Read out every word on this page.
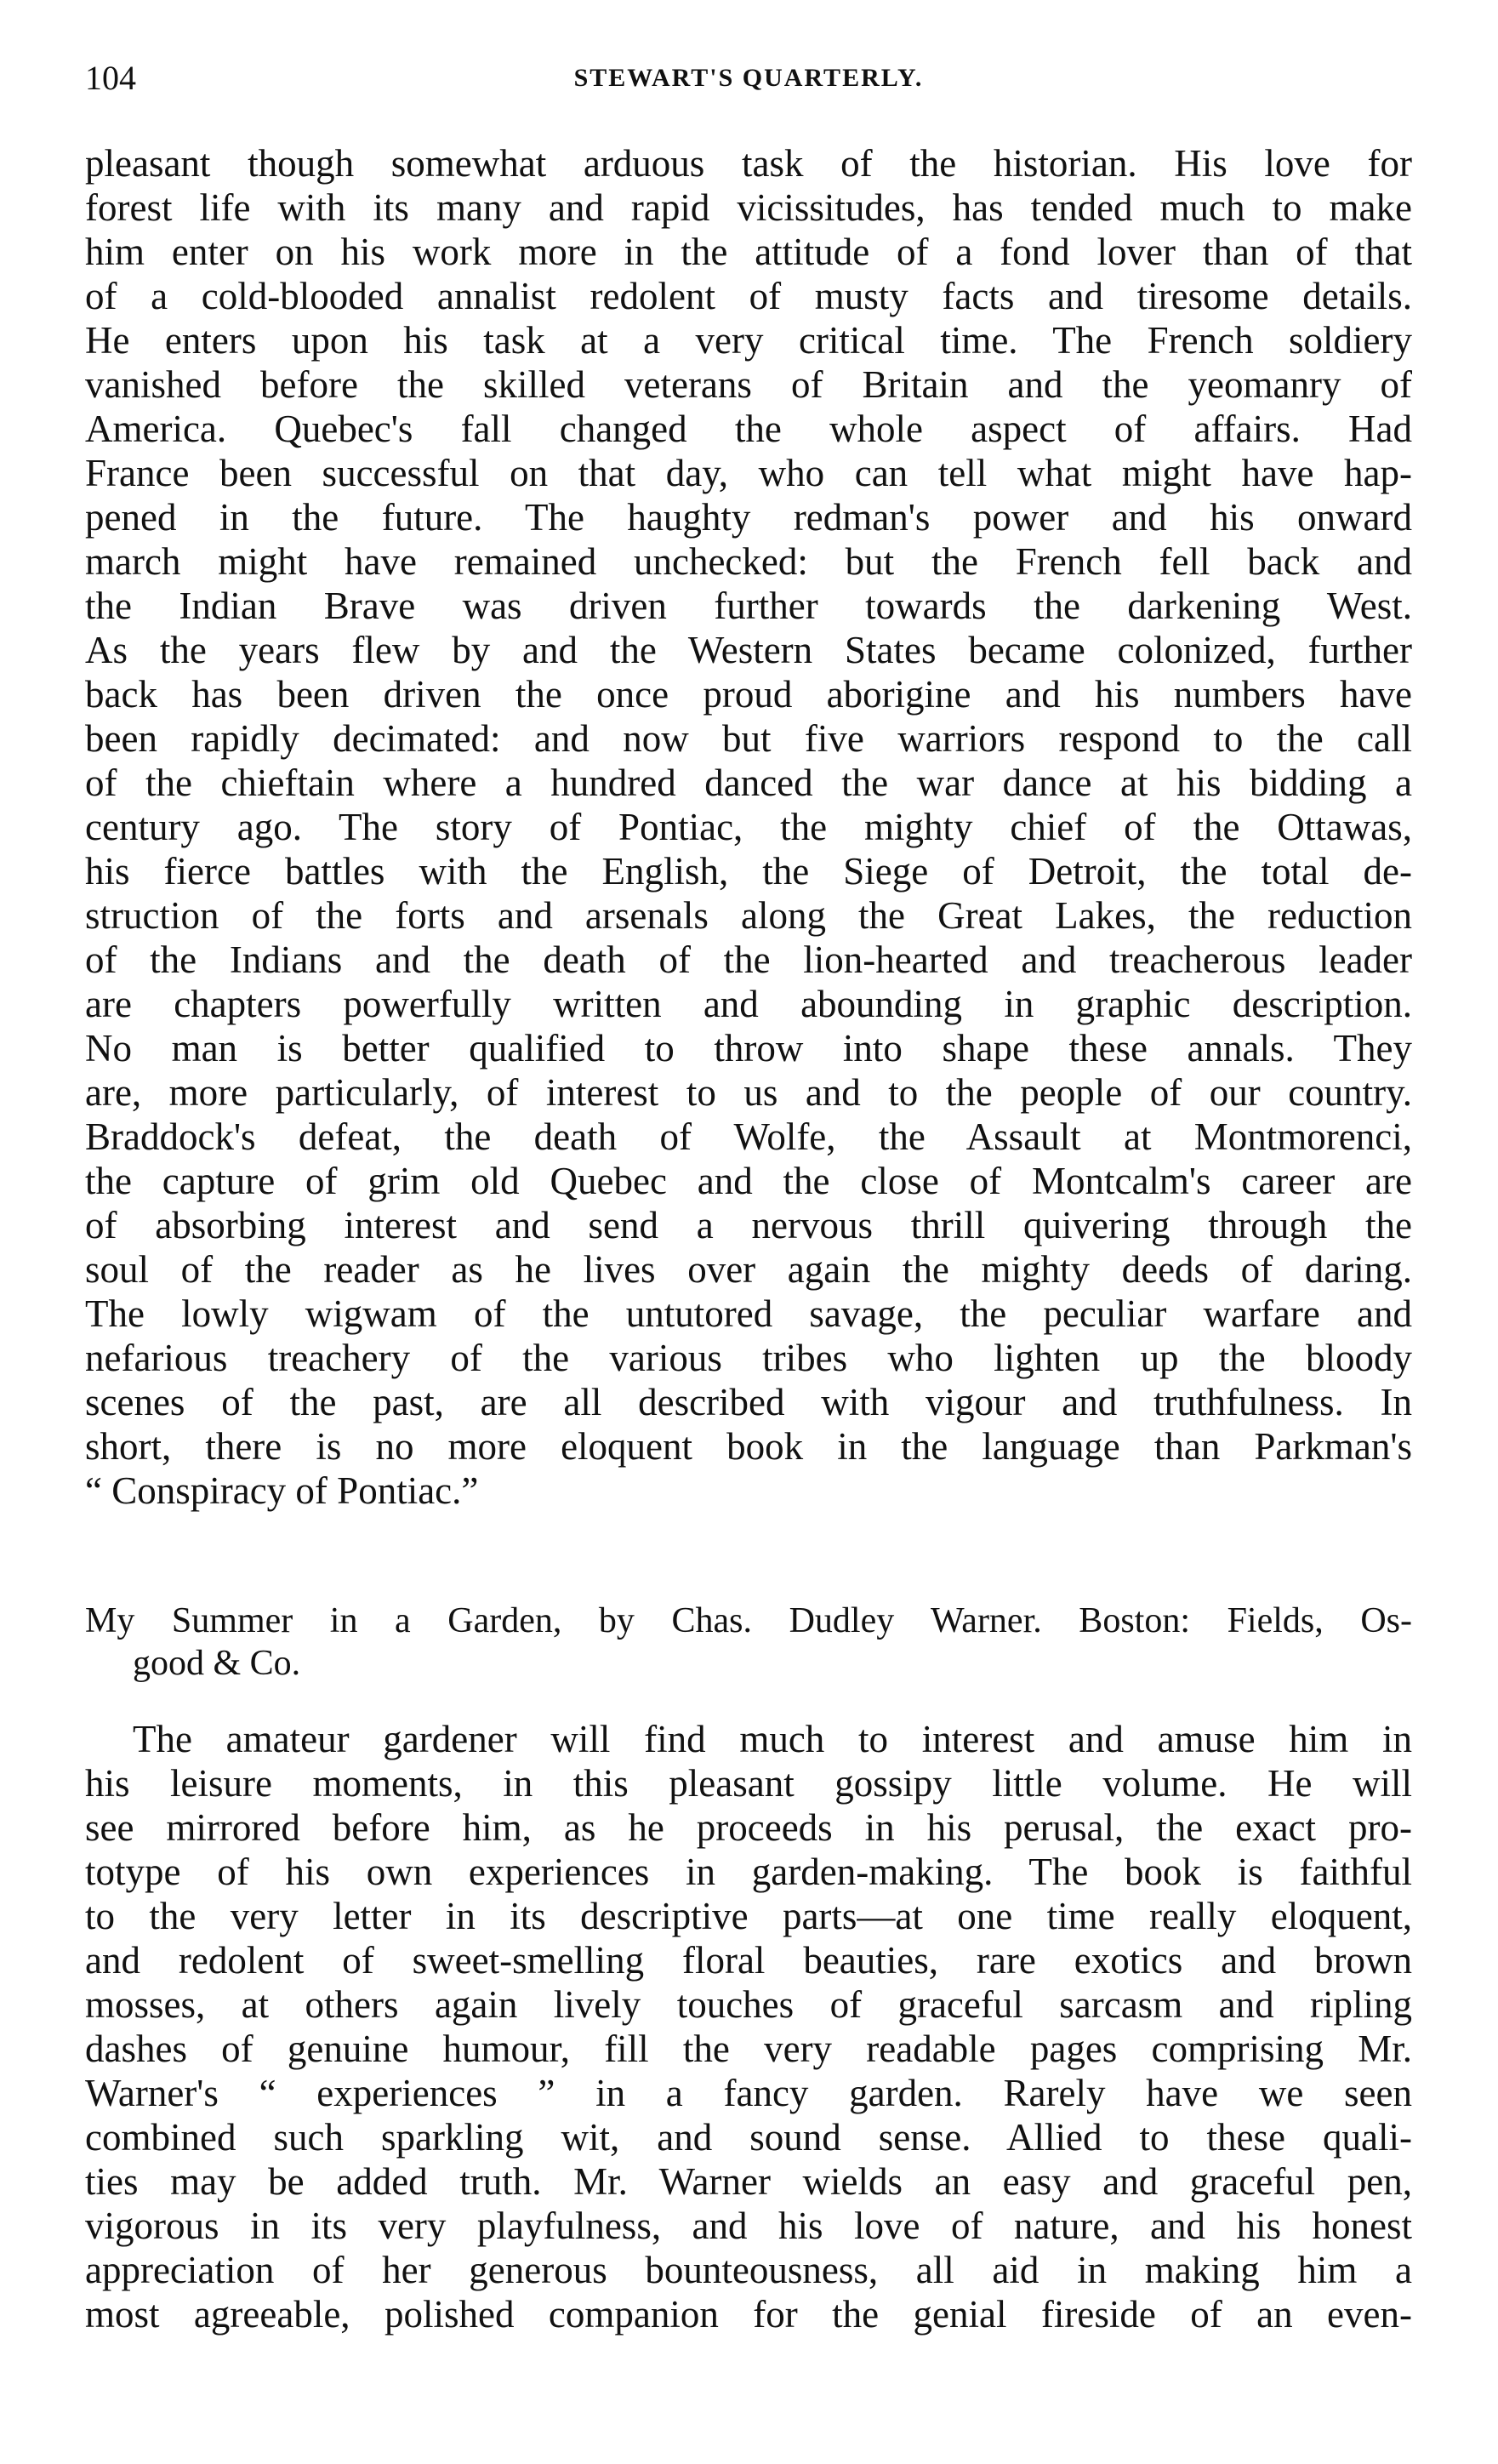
104	STEWART'S QUARTERLY.
pleasant though somewhat arduous task of the historian. His love for
forest life with its many and rapid vicissitudes, has tended much to make
him enter on his work more in the attitude of a fond lover than of that
of a cold-blooded annalist redolent of musty facts and tiresome details.
He enters upon his task at a very critical time. The French soldiery
vanished before the skilled veterans of Britain and the yeomanry of
America. Quebec's fall changed the whole aspect of affairs. Had
France been successful on that day, who can tell what might have hap-
pened in the future. The haughty redman's power and his onward
march might have remained unchecked: but the French fell back and
the Indian Brave was driven further towards the darkening West.
As the years flew by and the Western States became colonized, further
back has been driven the once proud aborigine and his numbers have
been rapidly decimated: and now but five warriors respond to the call
of the chieftain where a hundred danced the war dance at his bidding a
century ago. The story of Pontiac, the mighty chief of the Ottawas,
his fierce battles with the English, the Siege of Detroit, the total de-
struction of the forts and arsenals along the Great Lakes, the reduction
of the Indians and the death of the lion-hearted and treacherous leader
are chapters powerfully written and abounding in graphic description.
No man is better qualified to throw into shape these annals. They
are, more particularly, of interest to us and to the people of our country.
Braddock's defeat, the death of Wolfe, the Assault at Montmorenci,
the capture of grim old Quebec and the close of Montcalm's career are
of absorbing interest and send a nervous thrill quivering through the
soul of the reader as he lives over again the mighty deeds of daring.
The lowly wigwam of the untutored savage, the peculiar warfare and
nefarious treachery of the various tribes who lighten up the bloody
scenes of the past, are all described with vigour and truthfulness. In
short, there is no more eloquent book in the language than Parkman's
“ Conspiracy of Pontiac.”
My Summer in a Garden, by Chas. Dudley Warner. Boston: Fields, Os-
good & Co.
The amateur gardener will find much to interest and amuse him in
his leisure moments, in this pleasant gossipy little volume. He will
see mirrored before him, as he proceeds in his perusal, the exact pro-
totype of his own experiences in garden-making. The book is faithful
to the very letter in its descriptive parts—at one time really eloquent,
and redolent of sweet-smelling floral beauties, rare exotics and brown
mosses, at others again lively touches of graceful sarcasm and ripling
dashes of genuine humour, fill the very readable pages comprising Mr.
Warner's “ experiences ” in a fancy garden. Rarely have we seen
combined such sparkling wit, and sound sense. Allied to these quali-
ties may be added truth. Mr. Warner wields an easy and graceful pen,
vigorous in its very playfulness, and his love of nature, and his honest
appreciation of her generous bounteousness, all aid in making him a
most agreeable, polished companion for the genial fireside of an even-
